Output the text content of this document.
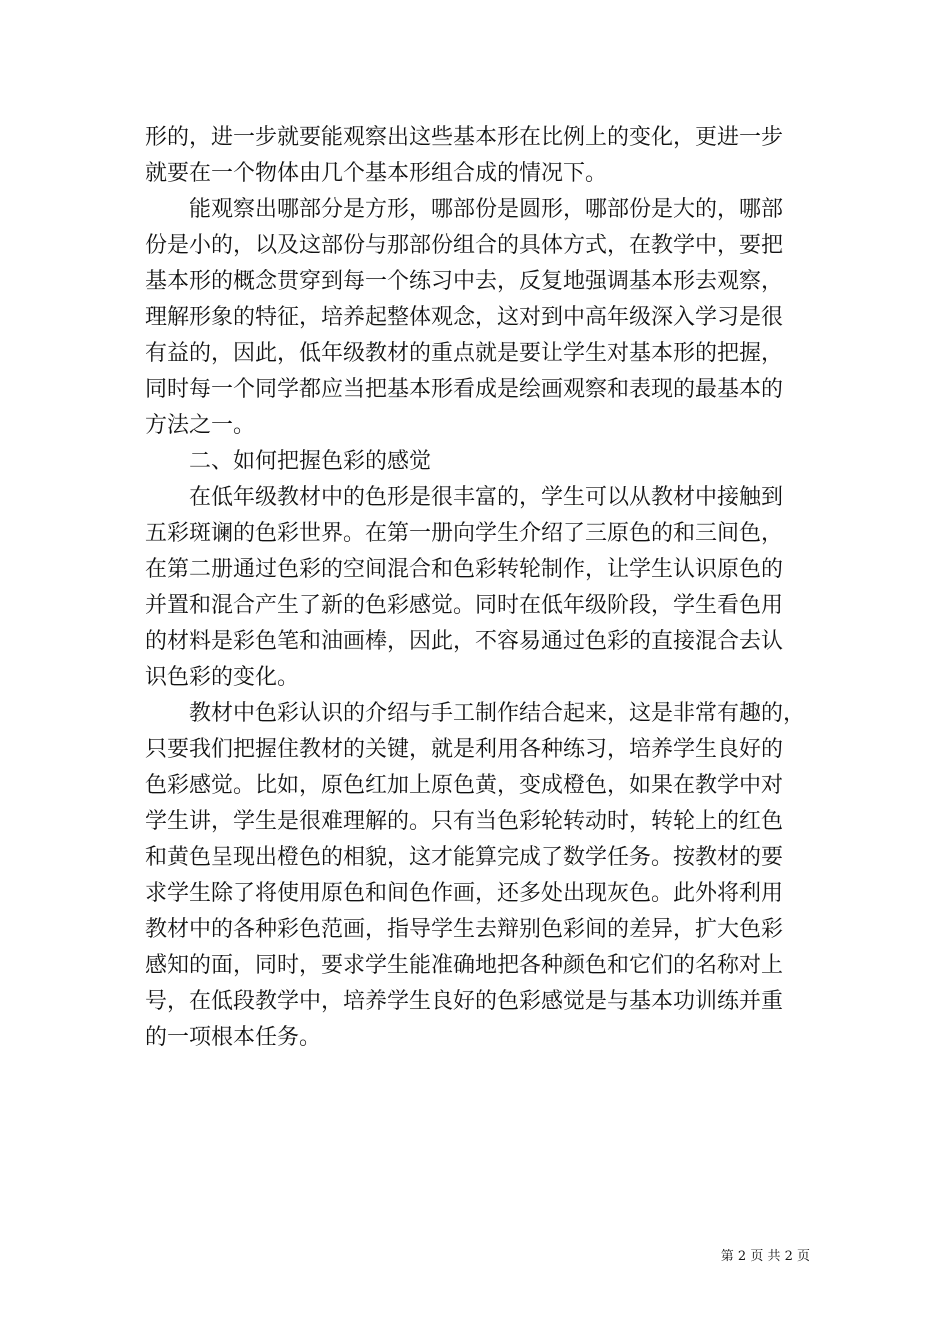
形的，进一步就要能观察出这些基本形在比例上的变化，更进一步
就要在一个物体由几个基本形组合成的情况下。
　　能观察出哪部分是方形，哪部份是圆形，哪部份是大的，哪部
份是小的，以及这部份与那部份组合的具体方式，在教学中，要把
基本形的概念贯穿到每一个练习中去，反复地强调基本形去观察，
理解形象的特征，培养起整体观念，这对到中高年级深入学习是很
有益的，因此，低年级教材的重点就是要让学生对基本形的把握，
同时每一个同学都应当把基本形看成是绘画观察和表现的最基本的
方法之一。
　　二、如何把握色彩的感觉
　　在低年级教材中的色形是很丰富的，学生可以从教材中接触到
五彩斑谰的色彩世界。在第一册向学生介绍了三原色的和三间色，
在第二册通过色彩的空间混合和色彩转轮制作，让学生认识原色的
并置和混合产生了新的色彩感觉。同时在低年级阶段，学生看色用
的材料是彩色笔和油画棒，因此，不容易通过色彩的直接混合去认
识色彩的变化。
　　教材中色彩认识的介绍与手工制作结合起来，这是非常有趣的，
只要我们把握住教材的关键，就是利用各种练习，培养学生良好的
色彩感觉。比如，原色红加上原色黄，变成橙色，如果在教学中对
学生讲，学生是很难理解的。只有当色彩轮转动时，转轮上的红色
和黄色呈现出橙色的相貌，这才能算完成了数学任务。按教材的要
求学生除了将使用原色和间色作画，还多处出现灰色。此外将利用
教材中的各种彩色范画，指导学生去辩别色彩间的差异，扩大色彩
感知的面，同时，要求学生能准确地把各种颜色和它们的名称对上
号，在低段教学中，培养学生良好的色彩感觉是与基本功训练并重
的一项根本任务。
第 2 页 共 2 页
